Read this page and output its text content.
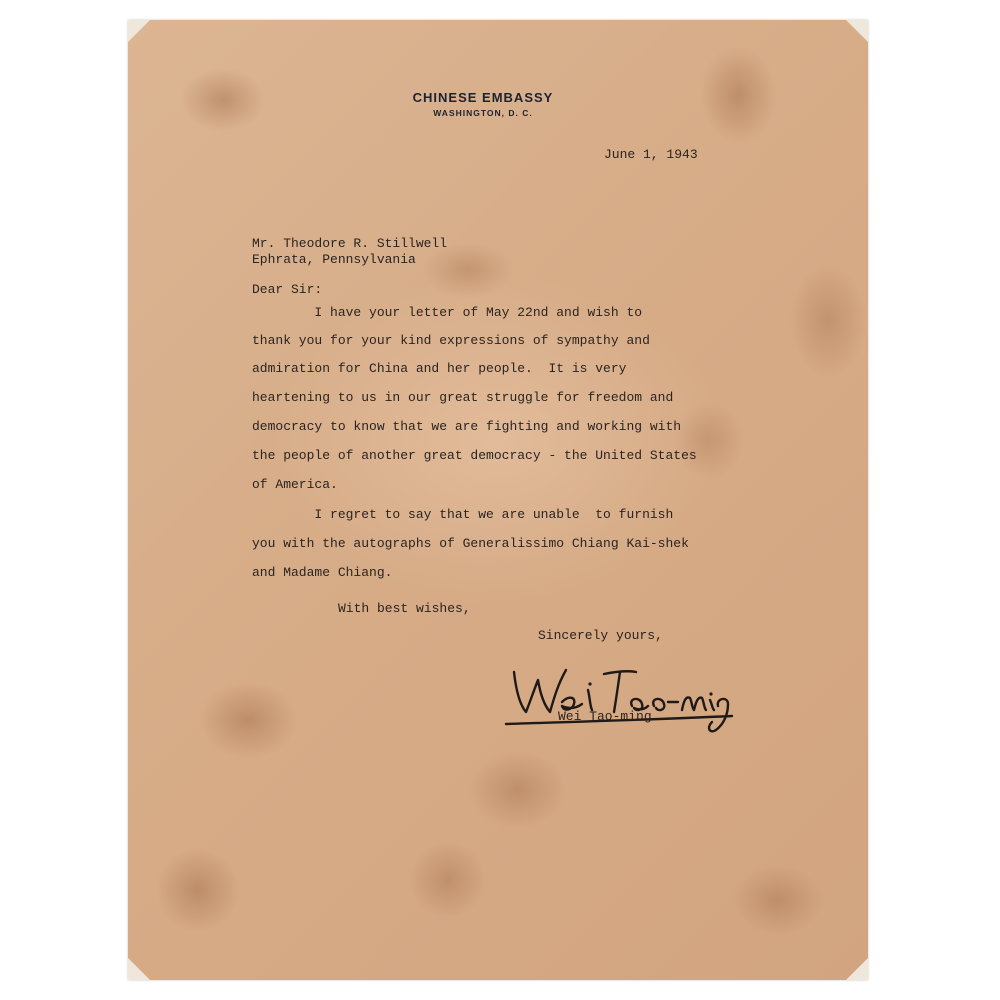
CHINESE EMBASSY
WASHINGTON, D. C.
June 1, 1943
Mr. Theodore R. Stillwell
Ephrata, Pennsylvania
Dear Sir:
I have your letter of May 22nd and wish to
thank you for your kind expressions of sympathy and
admiration for China and her people.  It is very
heartening to us in our great struggle for freedom and
democracy to know that we are fighting and working with
the people of another great democracy - the United States
of America.
I regret to say that we are unable  to furnish
you with the autographs of Generalissimo Chiang Kai-shek
and Madame Chiang.
With best wishes,
Sincerely yours,
Wei Tao-ming
